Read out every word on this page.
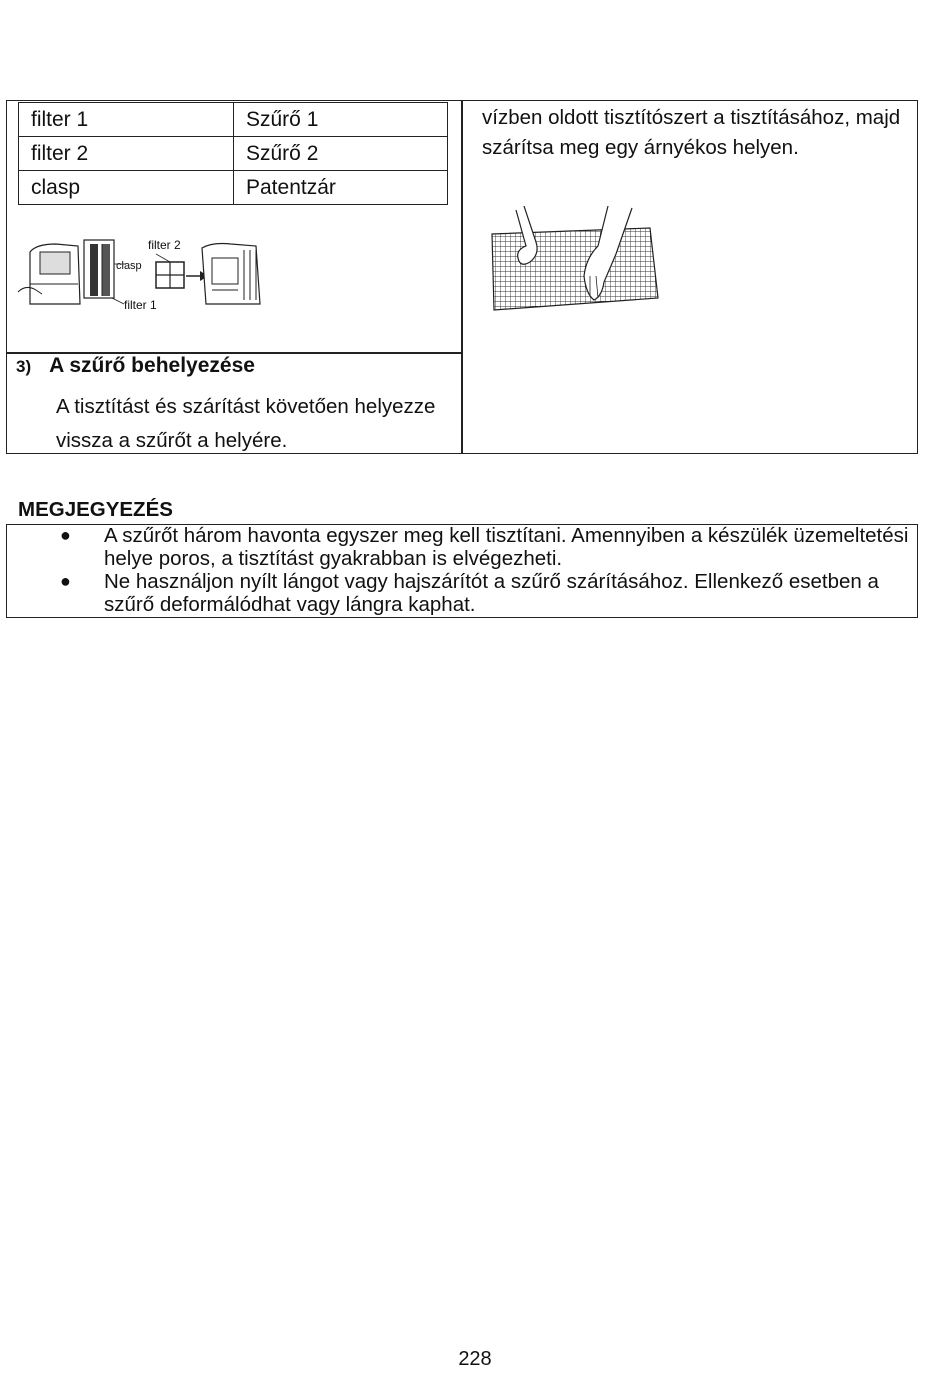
filter 1	Szűrő 1
filter 2	Szűrő 2
clasp	Patentzár
vízben oldott tisztítószert a tisztításához, majd szárítsa meg egy árnyékos helyen.
filter 2
clasp
filter 1
3) A szűrő behelyezése
A tisztítást és szárítást követően helyezze vissza a szűrőt a helyére.
MEGJEGYEZÉS
● A szűrőt három havonta egyszer meg kell tisztítani. Amennyiben a készülék üzemeltetési helye poros, a tisztítást gyakrabban is elvégezheti.
● Ne használjon nyílt lángot vagy hajszárítót a szűrő szárításához. Ellenkező esetben a szűrő deformálódhat vagy lángra kaphat.
228
